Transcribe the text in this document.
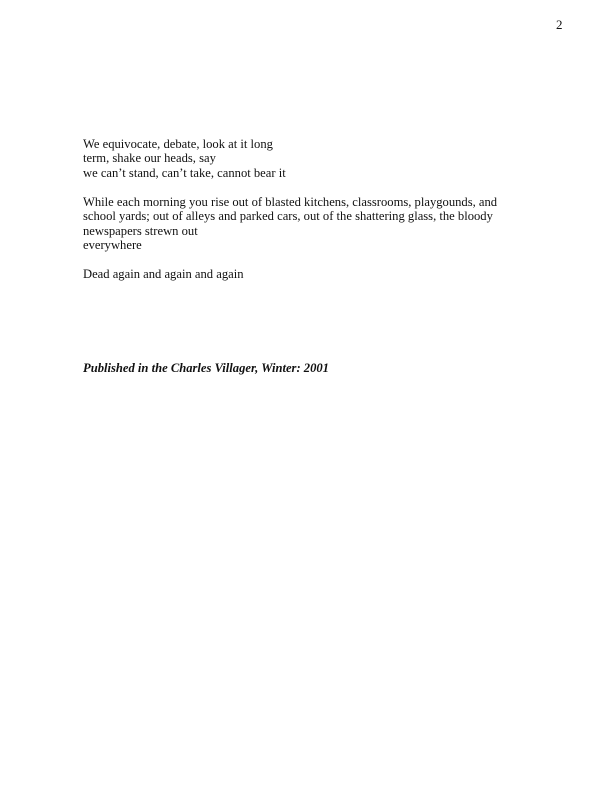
2
We equivocate, debate, look at it long
term, shake our heads, say
we can’t stand, can’t take, cannot bear it
While each morning you rise out of blasted kitchens, classrooms, playgounds, and
school yards; out of alleys and parked cars, out of the shattering glass, the bloody
newspapers strewn out
everywhere
Dead again and again and again
Published in the Charles Villager, Winter: 2001
